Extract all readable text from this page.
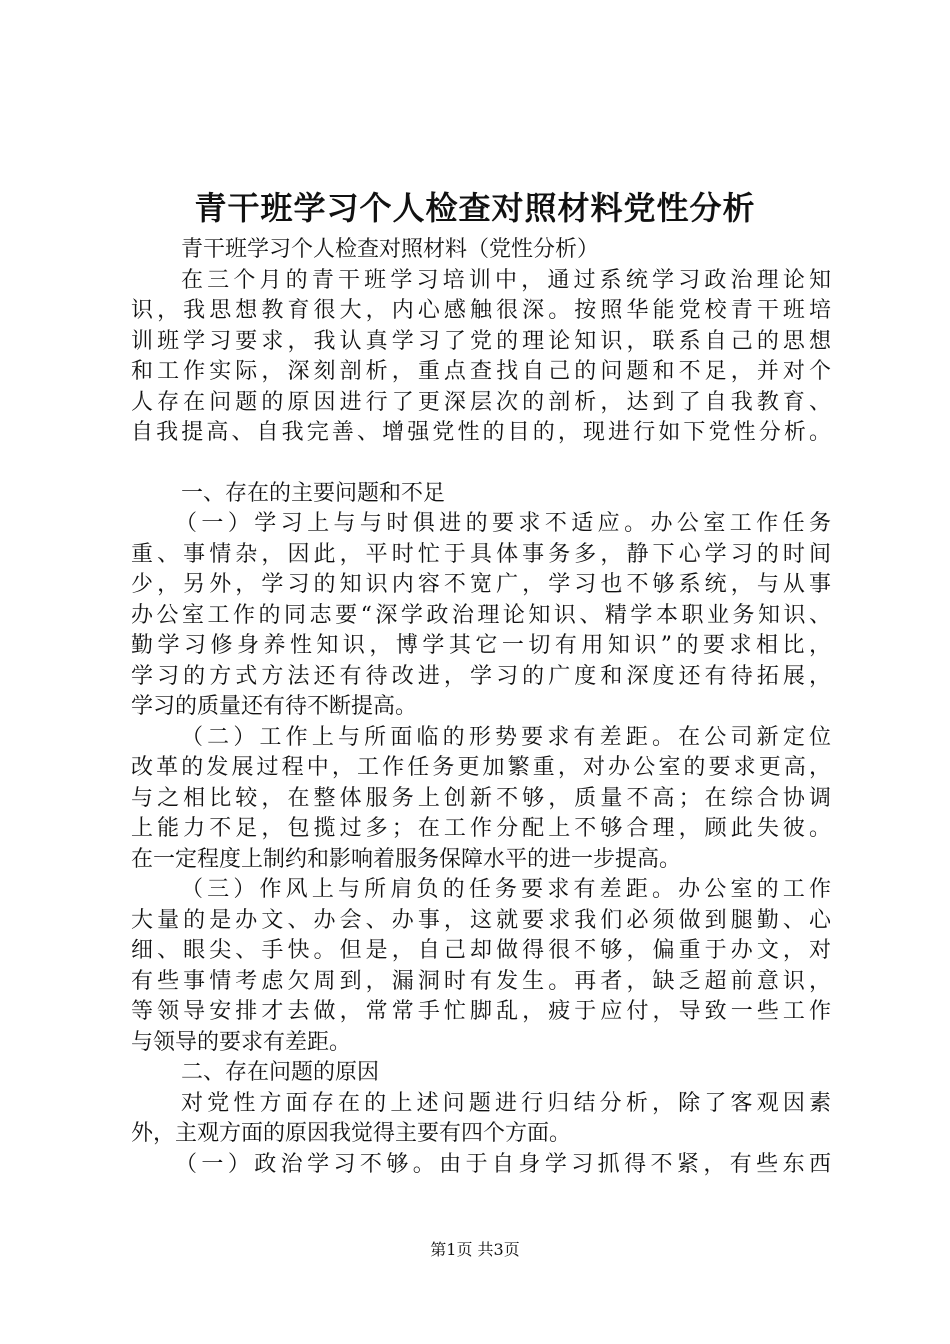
青干班学习个人检查对照材料党性分析
青干班学习个人检查对照材料（党性分析）
在三个月的青干班学习培训中，通过系统学习政治理论知
识，我思想教育很大，内心感触很深。按照华能党校青干班培
训班学习要求，我认真学习了党的理论知识，联系自己的思想
和工作实际，深刻剖析，重点查找自己的问题和不足，并对个
人存在问题的原因进行了更深层次的剖析，达到了自我教育、
自我提高、自我完善、增强党性的目的，现进行如下党性分析。
一、存在的主要问题和不足
（一）学习上与与时俱进的要求不适应。办公室工作任务
重、事情杂，因此，平时忙于具体事务多，静下心学习的时间
少，另外，学习的知识内容不宽广，学习也不够系统，与从事
办公室工作的同志要“深学政治理论知识、精学本职业务知识、
勤学习修身养性知识，博学其它一切有用知识”的要求相比，
学习的方式方法还有待改进，学习的广度和深度还有待拓展，
学习的质量还有待不断提高。
（二）工作上与所面临的形势要求有差距。在公司新定位
改革的发展过程中，工作任务更加繁重，对办公室的要求更高，
与之相比较，在整体服务上创新不够，质量不高；在综合协调
上能力不足，包揽过多；在工作分配上不够合理，顾此失彼。
在一定程度上制约和影响着服务保障水平的进一步提高。
（三）作风上与所肩负的任务要求有差距。办公室的工作
大量的是办文、办会、办事，这就要求我们必须做到腿勤、心
细、眼尖、手快。但是，自己却做得很不够，偏重于办文，对
有些事情考虑欠周到，漏洞时有发生。再者，缺乏超前意识，
等领导安排才去做，常常手忙脚乱，疲于应付，导致一些工作
与领导的要求有差距。
二、存在问题的原因
对党性方面存在的上述问题进行归结分析，除了客观因素
外，主观方面的原因我觉得主要有四个方面。
（一）政治学习不够。由于自身学习抓得不紧，有些东西
第1页 共3页
